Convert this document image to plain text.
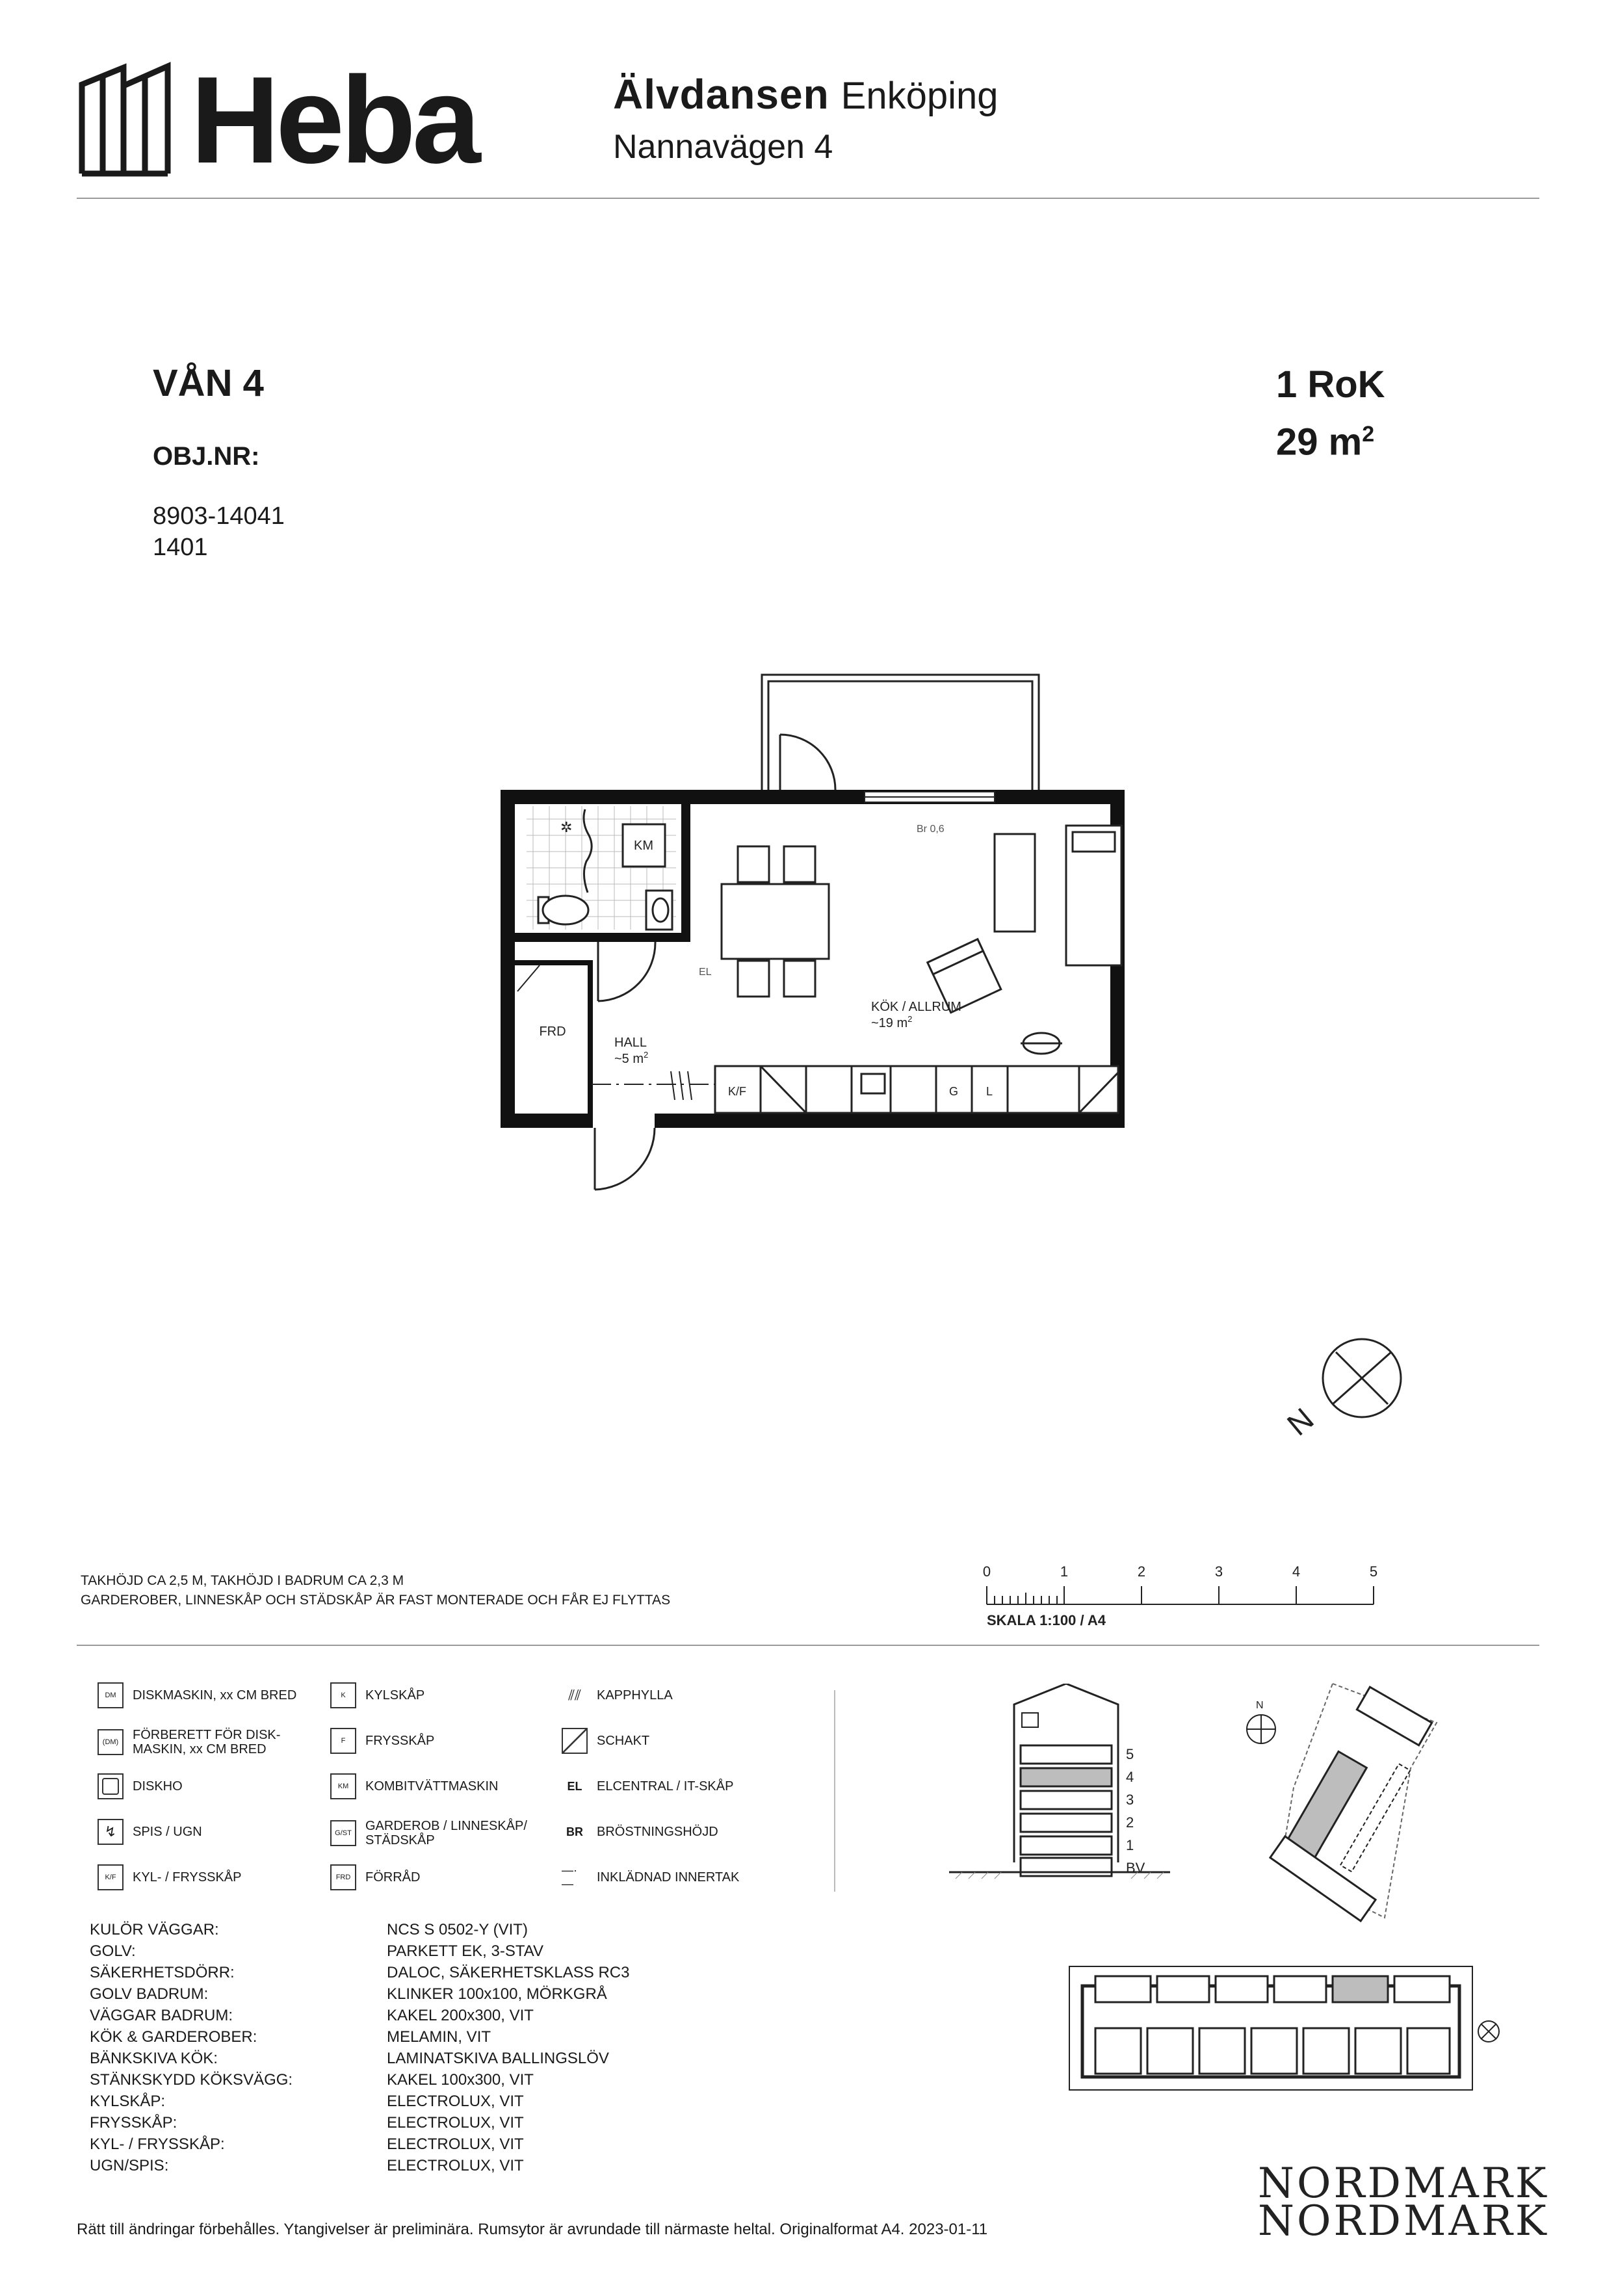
Heba	Älvdansen Enköping
Nannavägen 4
VÅN 4
OBJ.NR:
8903-14041
1401
1 RoK
29 $m^2$
✲
KM
FRD
EL
Br 0,6
KÖK / ALLRUM
~19 $m^2$
HALL
~5 $m^2$
K/F	G L
N
TAKHÖJD CA 2,5 M, TAKHÖJD I BADRUM CA 2,3 M
GARDEROBER, LINNESKÅP OCH STÄDSKÅP ÄR FAST MONTERADE OCH FÅR EJ FLYTTAS
0	1	2	3	4	5
SKALA 1:100 / A4
DM	DISKMASKIN, xx CM BRED
(DM)	FÖRBERETT FÖR DISK-
MASKIN, xx CM BRED
DISKHO
↯	SPIS / UGN
K/F	KYL- / FRYSSKÅP
K	KYLSKÅP
F	FRYSSKÅP
KM	KOMBITVÄTTMASKIN
G/ST	GARDEROB / LINNESKÅP/
STÄDSKÅP
FRD	FÖRRÅD
⫽⫽	KAPPHYLLA
SCHAKT
EL	ELCENTRAL / IT-SKÅP
BR	BRÖSTNINGSHÖJD
—·—	INKLÄDNAD INNERTAK
5
4
3
2
1
BV
N
KULÖR VÄGGAR:	NCS S 0502-Y (VIT)
GOLV:	PARKETT EK, 3-STAV
SÄKERHETSDÖRR:	DALOC, SÄKERHETSKLASS RC3
GOLV BADRUM:	KLINKER 100x100, MÖRKGRÅ
VÄGGAR BADRUM:	KAKEL 200x300, VIT
KÖK & GARDEROBER:	MELAMIN, VIT
BÄNKSKIVA KÖK:	LAMINATSKIVA BALLINGSLÖV
STÄNKSKYDD KÖKSVÄGG:	KAKEL 100x300, VIT
KYLSKÅP:	ELECTROLUX, VIT
FRYSSKÅP:	ELECTROLUX, VIT
KYL- / FRYSSKÅP:	ELECTROLUX, VIT
UGN/SPIS:	ELECTROLUX, VIT
Rätt till ändringar förbehålles. Ytangivelser är preliminära. Rumsytor är avrundade till närmaste heltal. Originalformat A4. 2023-01-11
NORDMARK
NORDMARK
